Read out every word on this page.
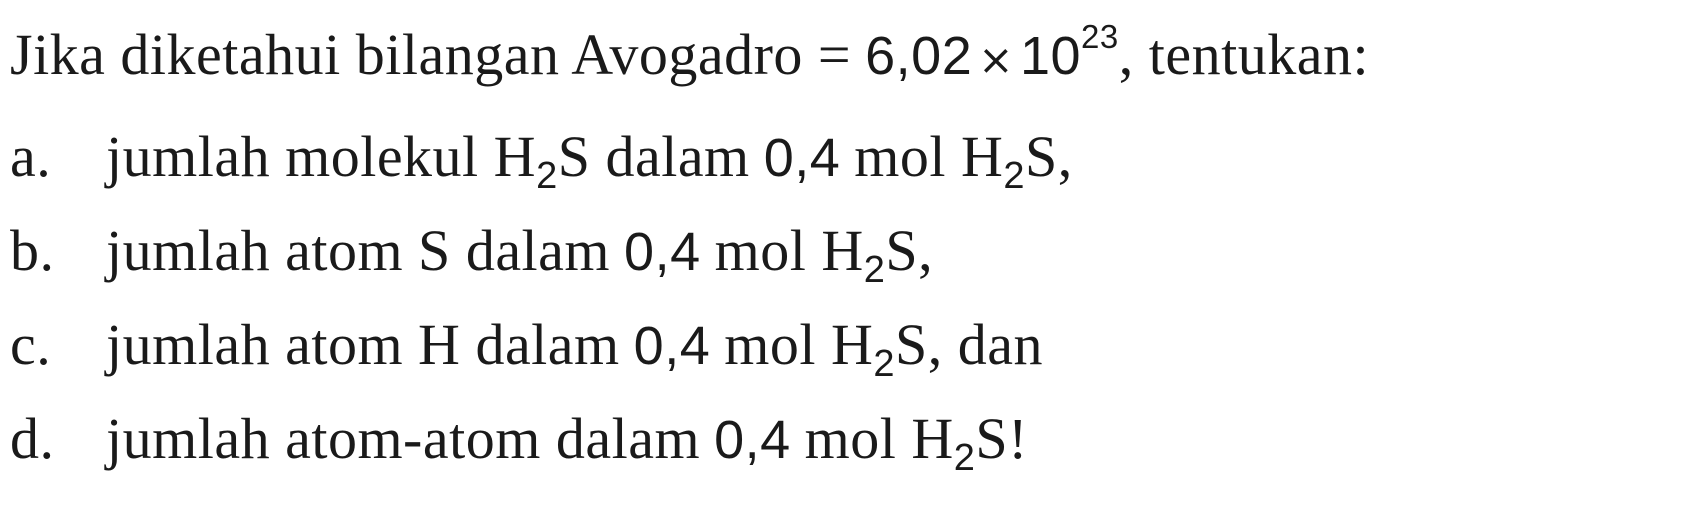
Jika diketahui bilangan Avogadro = $6,02 \times 10^{23}$, tentukan:
a. jumlah molekul $H_2S$ dalam 0,4 mol $H_2S$,
b. jumlah atom S dalam 0,4 mol $H_2S$,
c. jumlah atom H dalam 0,4 mol $H_2S$, dan
d. jumlah atom-atom dalam 0,4 mol $H_2S$!
